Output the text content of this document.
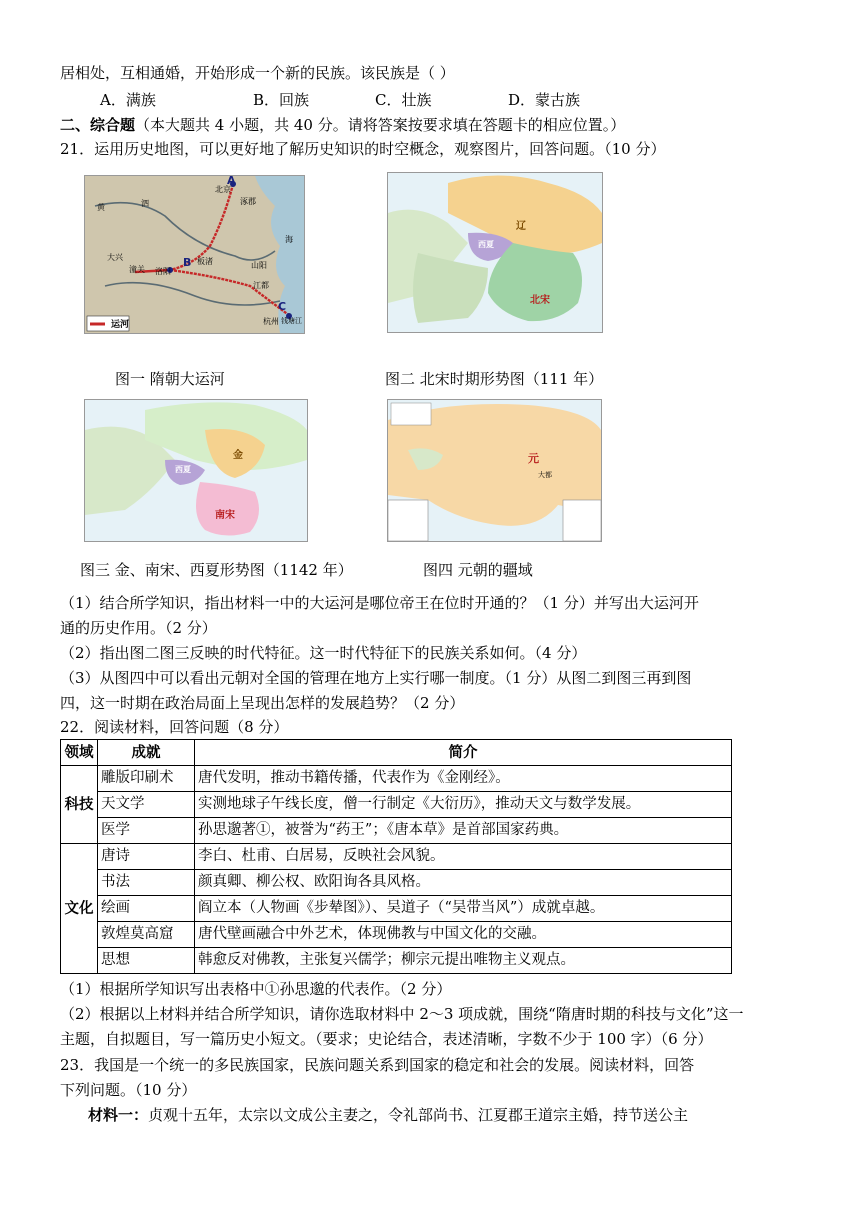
居相处，互相通婚，开始形成一个新的民族。该民族是（ ）
A．满族	B．回族	C．壮族	D．蒙古族
二、综合题（本大题共 4 小题，共 40 分。请将答案按要求填在答题卡的相应位置。）
21．运用历史地图，可以更好地了解历史知识的时空概念，观察图片，回答问题。（10 分）
A
B
C
北京
涿郡
洛阳
大兴
潼关
板渚	山阳
江都
杭州 钱塘江
泗
黄
海
运河
辽
西夏
北宋
图一 隋朝大运河	图二 北宋时期形势图（111 年）
金
西夏
南宋
元
大都
图三 金、南宋、西夏形势图（1142 年）	图四 元朝的疆域
（1）结合所学知识，指出材料一中的大运河是哪位帝王在位时开通的？（1 分）并写出大运河开
通的历史作用。（2 分）
（2）指出图二图三反映的时代特征。这一时代特征下的民族关系如何。（4 分）
（3）从图四中可以看出元朝对全国的管理在地方上实行哪一制度。（1 分）从图二到图三再到图
四，这一时期在政治局面上呈现出怎样的发展趋势？（2 分）
22．阅读材料，回答问题（8 分）
领域	成就	简介
科技	雕版印刷术	唐代发明，推动书籍传播，代表作为《金刚经》。
	天文学	实测地球子午线长度，僧一行制定《大衍历》，推动天文与数学发展。
	医学	孙思邈著①，被誉为“药王”；《唐本草》是首部国家药典。
文化	唐诗	李白、杜甫、白居易，反映社会风貌。
	书法	颜真卿、柳公权、欧阳询各具风格。
	绘画	阎立本（人物画《步辇图》）、吴道子（“吴带当风”）成就卓越。
	敦煌莫高窟	唐代壁画融合中外艺术，体现佛教与中国文化的交融。
	思想	韩愈反对佛教，主张复兴儒学；柳宗元提出唯物主义观点。
（1）根据所学知识写出表格中①孙思邈的代表作。（2 分）
（2）根据以上材料并结合所学知识，请你选取材料中 2～3 项成就，围绕“隋唐时期的科技与文化”这一
主题，自拟题目，写一篇历史小短文。（要求；史论结合，表述清晰，字数不少于 100 字）（6 分）
23．我国是一个统一的多民族国家，民族问题关系到国家的稳定和社会的发展。阅读材料，回答
下列问题。（10 分）
材料一：贞观十五年，太宗以文成公主妻之，令礼部尚书、江夏郡王道宗主婚，持节送公主
